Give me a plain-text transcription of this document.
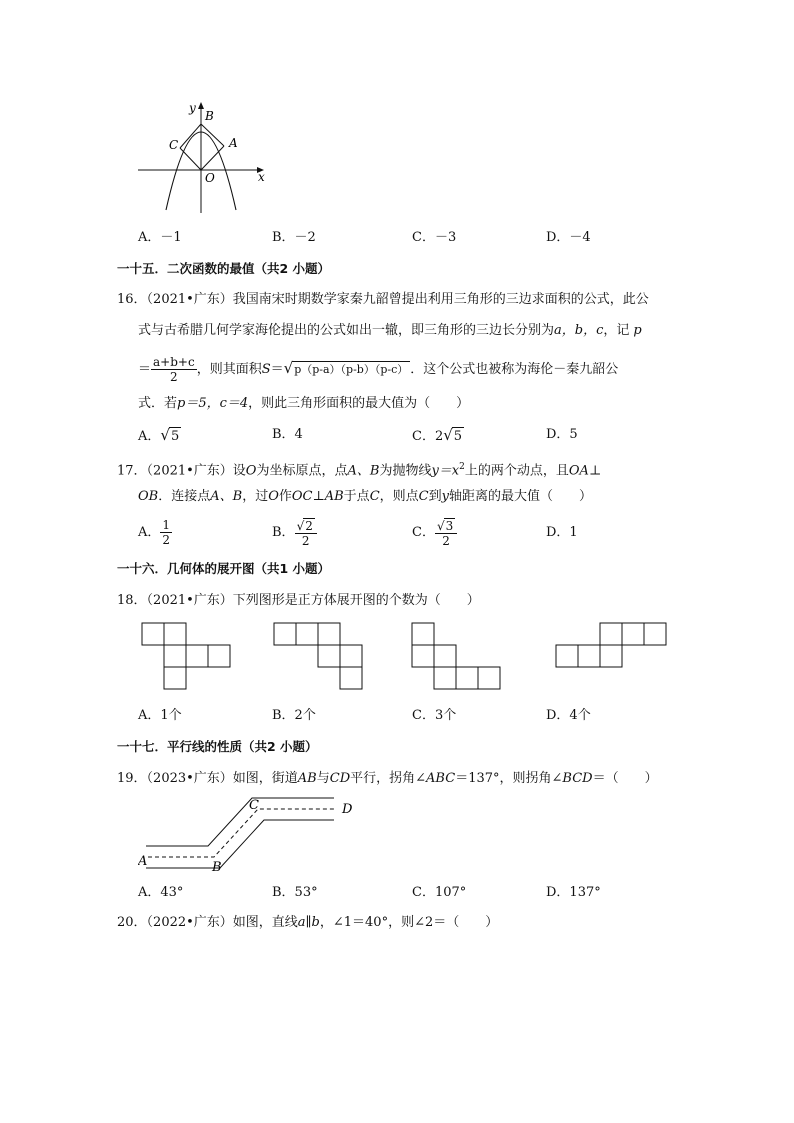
y
B
C	A
O	x
A．－1	B．－2	C．－3	D．－4
一十五．二次函数的最值（共2 小题）
16．（2021•广东）我国南宋时期数学家秦九韶曾提出利用三角形的三边求面积的公式，此公
式与古希腊几何学家海伦提出的公式如出一辙，即三角形的三边长分别为a，b，c，记 p
＝ $\frac{a+b+c}{2}$ ，则其面积S＝√p（p-a）（p-b）（p-c） ．这个公式也被称为海伦－秦九韶公
式．若p＝5，c＝4，则此三角形面积的最大值为（　　）
A．√5	B．4	C．2√5	D．5
17．（2021•广东）设O为坐标原点，点A、B为抛物线$y=x^2$上的两个动点，且OA⊥
OB．连接点A、B，过O作OC⊥AB于点C，则点C到y轴距离的最大值（　　）
A． $\frac{1}{2}$	B． $\frac{√2}{2}$	C． $\frac{√3}{2}$	D．1
一十六．几何体的展开图（共1 小题）
18．（2021•广东）下列图形是正方体展开图的个数为（　　）
A．1个	B．2个	C．3个	D．4个
一十七．平行线的性质（共2 小题）
19．（2023•广东）如图，街道AB与CD平行，拐角∠ABC＝137°，则拐角∠BCD＝（　　）
A	B
C	D
A．43°	B．53°	C．107°	D．137°
20．（2022•广东）如图，直线a∥b，∠1＝40°，则∠2＝（　　）
